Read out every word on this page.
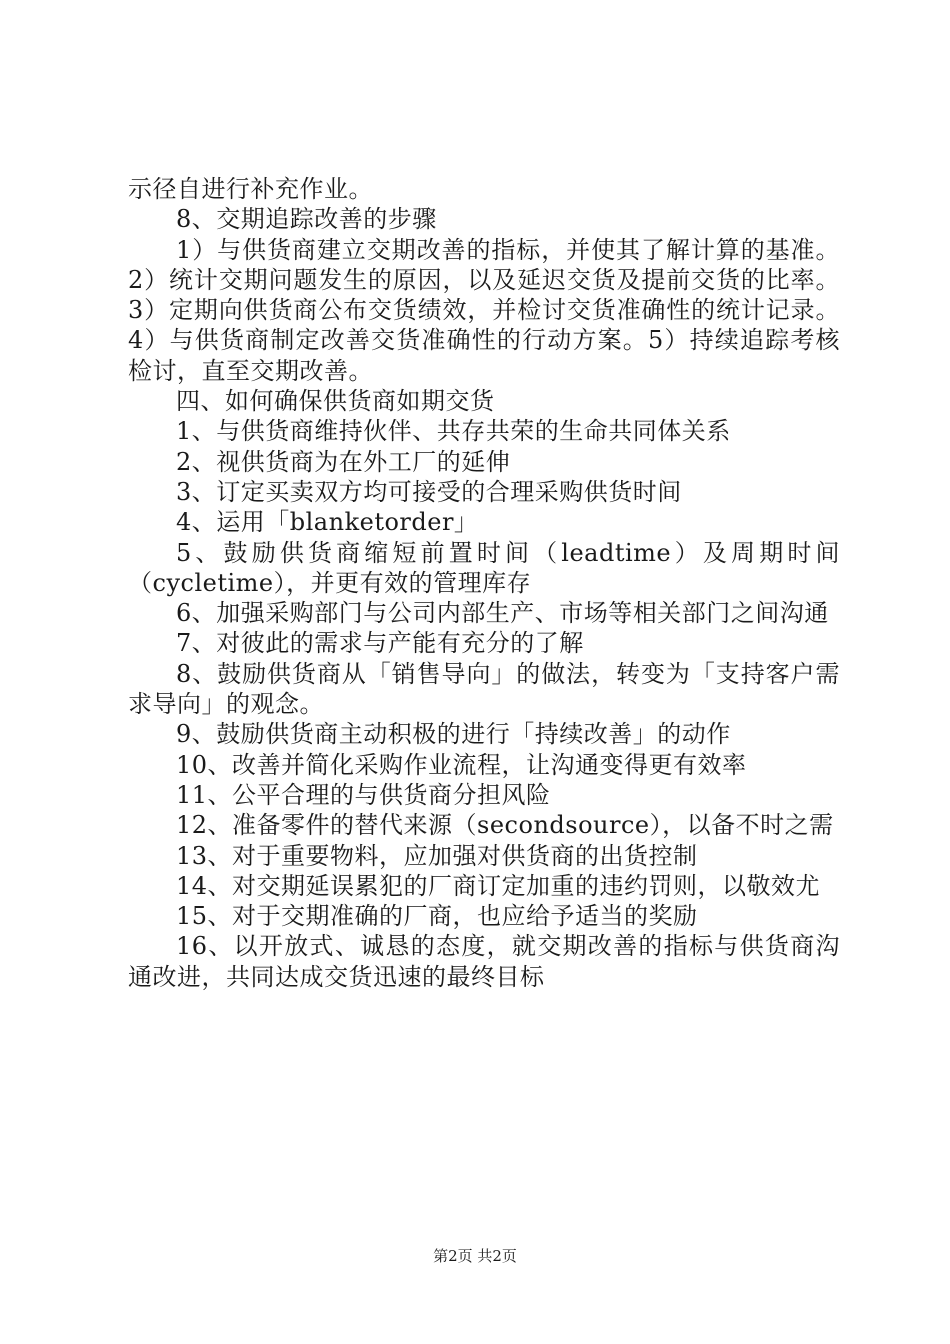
示径自进行补充作业。

8、交期追踪改善的步骤

1）与供货商建立交期改善的指标，并使其了解计算的基准。2）统计交期问题发生的原因，以及延迟交货及提前交货的比率。3）定期向供货商公布交货绩效，并检讨交货准确性的统计记录。4）与供货商制定改善交货准确性的行动方案。5）持续追踪考核检讨，直至交期改善。

四、如何确保供货商如期交货

1、与供货商维持伙伴、共存共荣的生命共同体关系

2、视供货商为在外工厂的延伸

3、订定买卖双方均可接受的合理采购供货时间

4、运用「blanketorder」

5、鼓励供货商缩短前置时间（leadtime）及周期时间（cycletime），并更有效的管理库存

6、加强采购部门与公司内部生产、市场等相关部门之间沟通

7、对彼此的需求与产能有充分的了解

8、鼓励供货商从「销售导向」的做法，转变为「支持客户需求导向」的观念。

9、鼓励供货商主动积极的进行「持续改善」的动作

10、改善并简化采购作业流程，让沟通变得更有效率

11、公平合理的与供货商分担风险

12、准备零件的替代来源（secondsource），以备不时之需

13、对于重要物料，应加强对供货商的出货控制

14、对交期延误累犯的厂商订定加重的违约罚则，以敬效尤

15、对于交期准确的厂商，也应给予适当的奖励

16、以开放式、诚恳的态度，就交期改善的指标与供货商沟通改进，共同达成交货迅速的最终目标

第2页 共2页
